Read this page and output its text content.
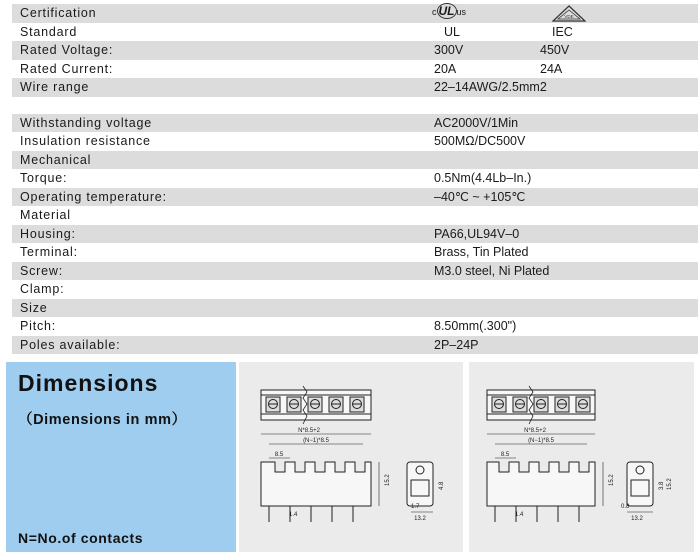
Certification	c UL us	VDE
Standard	UL	IEC
Rated Voltage:	300V	450V
Rated Current:	20A	24A
Wire range	22–14AWG/2.5mm2
Withstanding voltage	AC2000V/1Min
Insulation resistance	500MΩ/DC500V
Mechanical
Torque:	0.5Nm(4.4Lb–In.)
Operating temperature:	–40℃ ~ +105℃
Material
Housing:	PA66,UL94V–0
Terminal:	Brass, Tin Plated
Screw:	M3.0 steel, Ni Plated
Clamp:
Size
Pitch:	8.50mm(.300")
Poles available:	2P–24P
Dimensions
（Dimensions in mm）
N=No.of contacts
N*8.5+2
(N−1)*8.5
8.5
15.2
1.4
13.2
1.7
4.8
N*8.5+2
(N−1)*8.5
8.5
15.2
1.4
13.2
0.8
3.8 15.2
